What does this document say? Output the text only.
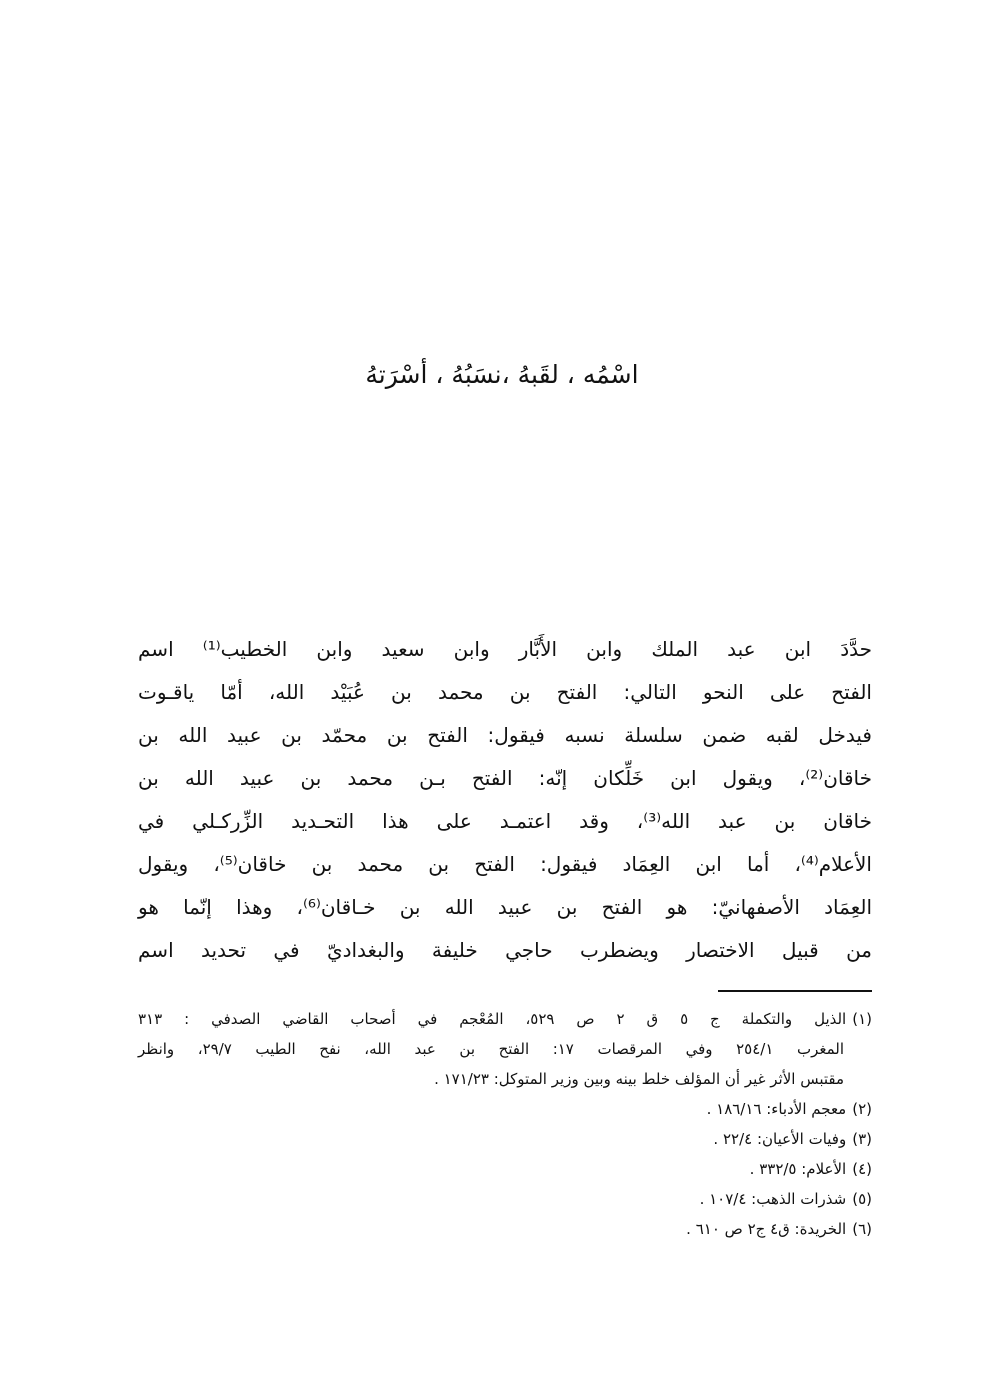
اسْمُه ، لقَبهُ ،نسَبُهُ ، أسْرَتهُ
حدَّدَ ابن عبد الملك وابن الأَبَّار وابن سعيد وابن الخطيب⁽¹⁾ اسم
الفتح على النحو التالي: الفتح بن محمد بن عُبَيْد الله، أمّا ياقـوت
فيدخل لقبه ضمن سلسلة نسبه فيقول: الفتح بن محمّد بن عبيد الله بن
خاقان⁽²⁾، ويقول ابن خَلِّكان إنّه: الفتح بـن محمد بن عبيد الله بن
خاقان بن عبد الله⁽³⁾، وقد اعتمـد على هذا التحـديد الزِّركـلي في
الأعلام⁽⁴⁾، أما ابن العِمَاد فيقول: الفتح بن محمد بن خاقان⁽⁵⁾، ويقول
العِمَاد الأصفهانيّ: هو الفتح بن عبيد الله بن خـاقان⁽⁶⁾، وهذا إنّما هو
من قبيل الاختصار ويضطرب حاجي خليفة والبغداديّ في تحديد اسم
(١)الذيل والتكملة ج ٥ ق ٢ ص ٥٢٩، المُعْجم في أصحاب القاضي الصدفي : ٣١٣
المغرب ٢٥٤/١ وفي المرقصات ١٧: الفتح بن عبد الله، نفح الطيب ٢٩/٧، وانظر
مقتبس الأثر غير أن المؤلف خلط بينه وبين وزير المتوكل: ١٧١/٢٣ .
(٢)معجم الأدباء: ١٨٦/١٦ .
(٣)وفيات الأعيان: ٢٢/٤ .
(٤)الأعلام: ٣٣٢/٥ .
(٥)شذرات الذهب: ١٠٧/٤ .
(٦)الخريدة: ق٤ ج٢ ص ٦١٠ .
